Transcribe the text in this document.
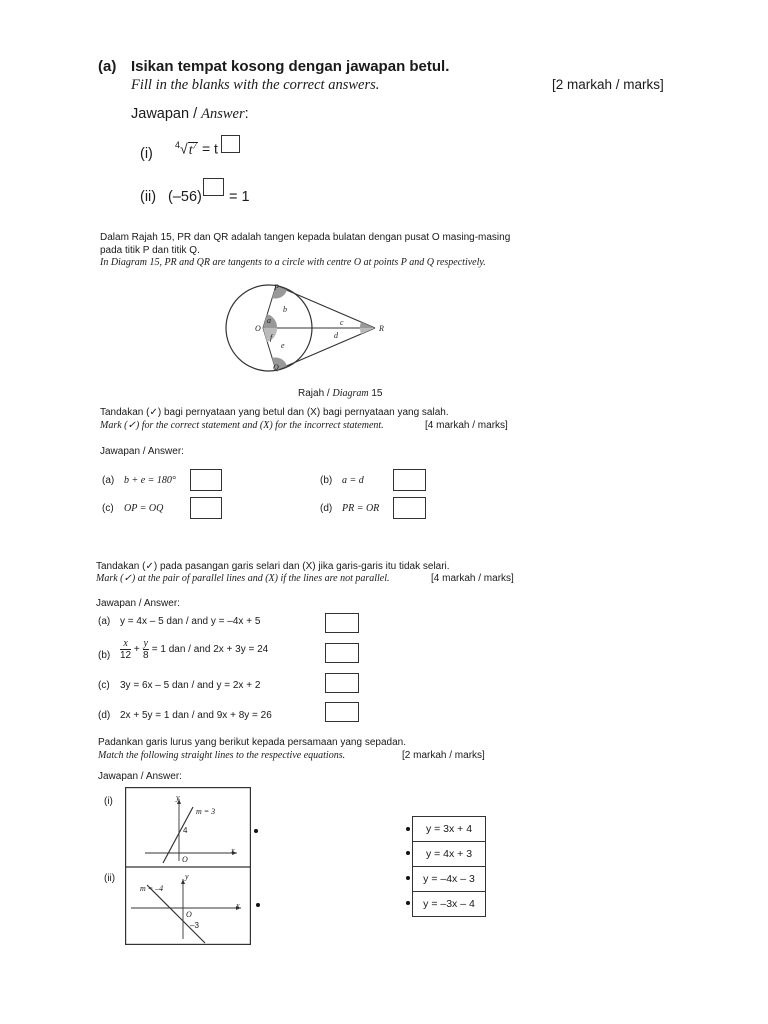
(a) Isikan tempat kosong dengan jawapan betul.
Fill in the blanks with the correct answers.	[2 markah / marks]
Jawapan / Answer:
(i)
$^4√t^7 = t$
(ii) (–56) = 1
Dalam Rajah 15, PR dan QR adalah tangen kepada bulatan dengan pusat O masing-masing pada titik P dan titik Q.
In Diagram 15, PR and QR are tangents to a circle with centre O at points P and Q respectively.
P
Q
O	R
a
b
c
d
e
f
Rajah / Diagram 15
Tandakan (✓) bagi pernyataan yang betul dan (X) bagi pernyataan yang salah.
Mark (✓) for the correct statement and (X) for the incorrect statement.	[4 markah / marks]
Jawapan / Answer:
(a) b + e = 180°	(b) a = d
(c) OP = OQ	(d) PR = OR
Tandakan (✓) pada pasangan garis selari dan (X) jika garis-garis itu tidak selari.
Mark (✓) at the pair of parallel lines and (X) if the lines are not parallel.	[4 markah / marks]
Jawapan / Answer:
(a) y = 4x – 5 dan / and y = –4x + 5
$(b) \frac{x}{12} + \frac{y}{8} = 1$ dan / and 2x + 3y = 24
(c) 3y = 6x – 5 dan / and y = 2x + 2
(d) 2x + 5y = 1 dan / and 9x + 8y = 26
Padankan garis lurus yang berikut kepada persamaan yang sepadan.
Match the following straight lines to the respective equations.	[2 markah / marks]
Jawapan / Answer:
(i)
(ii)
y
m = 3
4
x
O
y
m = –4
x
O
–3
y = 3x + 4
y = 4x + 3
y = –4x – 3
y = –3x – 4
